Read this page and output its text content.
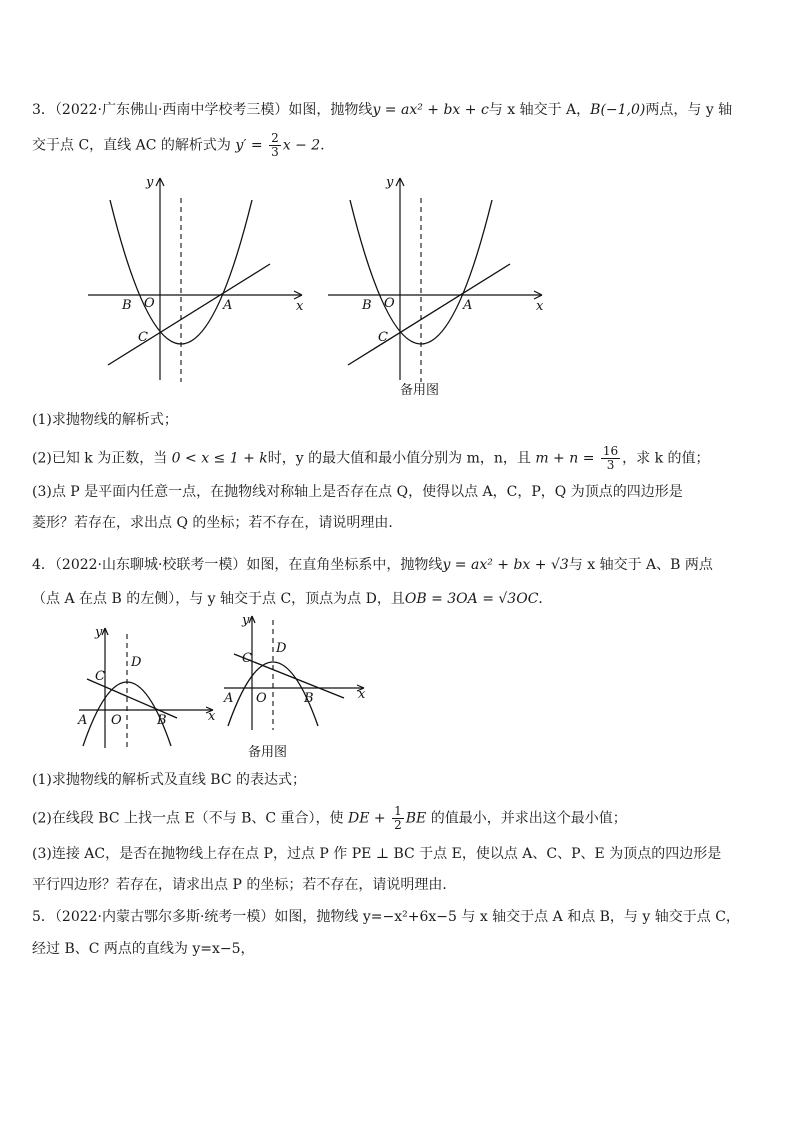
3．（2022·广东佛山·西南中学校考三模）如图，抛物线y = ax² + bx + c与 x 轴交于 A，B(−1,0)两点，与 y 轴
交于点 C，直线 AC 的解析式为 $y' = \frac{2}{3}$ x − 2.
y
x
B O	A
C
y
x
B O	A
C
备用图
(1)求抛物线的解析式；
(2)已知 k 为正数，当 0 < x ≤ 1 + k时，y 的最大值和最小值分别为 m，n，且 $m + n = \frac{16}{3}$ ，求 k 的值；
(3)点 P 是平面内任意一点，在抛物线对称轴上是否存在点 Q，使得以点 A，C，P，Q 为顶点的四边形是
菱形？若存在，求出点 Q 的坐标；若不存在，请说明理由．
4．（2022·山东聊城·校联考一模）如图，在直角坐标系中，抛物线y = ax² + bx + √3与 x 轴交于 A、B 两点
（点 A 在点 B 的左侧），与 y 轴交于点 C，顶点为点 D，且OB = 3OA = √3OC．
y
x
C
D
A O	B
y
x
C
D
A O	B
备用图
(1)求抛物线的解析式及直线 BC 的表达式；
(2)在线段 BC 上找一点 E（不与 B、C 重合），使 DE + $\frac{1}{2}$ BE 的值最小，并求出这个最小值；
(3)连接 AC，是否在抛物线上存在点 P，过点 P 作 PE ⊥ BC 于点 E，使以点 A、C、P、E 为顶点的四边形是
平行四边形？若存在，请求出点 P 的坐标；若不存在，请说明理由．
5．（2022·内蒙古鄂尔多斯·统考一模）如图，抛物线 y=−x²+6x−5 与 x 轴交于点 A 和点 B，与 y 轴交于点 C，
经过 B、C 两点的直线为 y=x−5，
